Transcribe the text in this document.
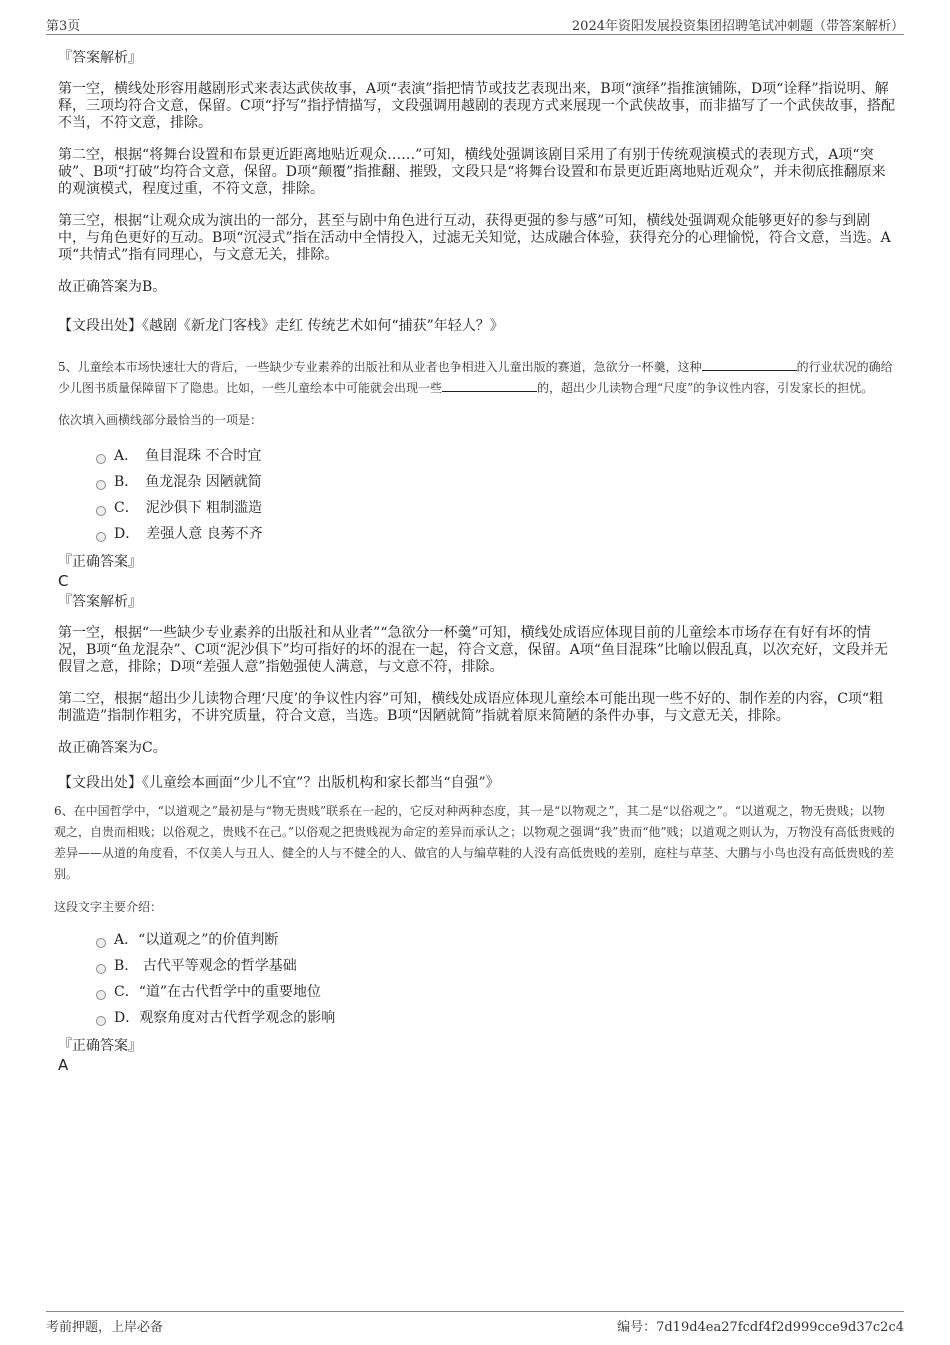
第3页	2024年资阳发展投资集团招聘笔试冲刺题（带答案解析）

『答案解析』

第一空，横线处形容用越剧形式来表达武侠故事，A项“表演”指把情节或技艺表现出来，B项“演绎”指推演铺陈，D项“诠释”指说明、解释，三项均符合文意，保留。C项“抒写”指抒情描写，文段强调用越剧的表现方式来展现一个武侠故事，而非描写了一个武侠故事，搭配不当，不符文意，排除。

第二空，根据“将舞台设置和布景更近距离地贴近观众……”可知，横线处强调该剧目采用了有别于传统观演模式的表现方式，A项“突破”、B项“打破”均符合文意，保留。D项“颠覆”指推翻、摧毁，文段只是“将舞台设置和布景更近距离地贴近观众”，并未彻底推翻原来的观演模式，程度过重，不符文意，排除。

第三空，根据“让观众成为演出的一部分，甚至与剧中角色进行互动，获得更强的参与感”可知，横线处强调观众能够更好的参与到剧中，与角色更好的互动。B项“沉浸式”指在活动中全情投入，过滤无关知觉，达成融合体验，获得充分的心理愉悦，符合文意，当选。A项“共情式”指有同理心，与文意无关，排除。

故正确答案为B。

【文段出处】《越剧《新龙门客栈》走红 传统艺术如何“捕获”年轻人？》

5、儿童绘本市场快速壮大的背后，一些缺少专业素养的出版社和从业者也争相进入儿童出版的赛道，急欲分一杯羹，这种	的行业状况的确给少儿图书质量保障留下了隐患。比如，一些儿童绘本中可能就会出现一些	的，超出少儿读物合理“尺度”的争议性内容，引发家长的担忧。

依次填入画横线部分最恰当的一项是：

A．　鱼目混珠 不合时宜
B．　鱼龙混杂 因陋就简
C．　泥沙俱下 粗制滥造
D．　差强人意 良莠不齐

『正确答案』

C

『答案解析』

第一空，根据“一些缺少专业素养的出版社和从业者”“急欲分一杯羹”可知，横线处成语应体现目前的儿童绘本市场存在有好有坏的情况，B项“鱼龙混杂”、C项“泥沙俱下”均可指好的坏的混在一起，符合文意，保留。A项“鱼目混珠”比喻以假乱真，以次充好，文段并无假冒之意，排除；D项“差强人意”指勉强使人满意，与文意不符，排除。

第二空，根据“超出少儿读物合理‘尺度’的争议性内容”可知，横线处成语应体现儿童绘本可能出现一些不好的、制作差的内容，C项“粗制滥造”指制作粗劣，不讲究质量，符合文意，当选。B项“因陋就简”指就着原来简陋的条件办事，与文意无关，排除。

故正确答案为C。

【文段出处】《儿童绘本画面“少儿不宜”？出版机构和家长都当“自强”》

6、在中国哲学中，“以道观之”最初是与“物无贵贱”联系在一起的，它反对种两种态度，其一是“以物观之”，其二是“以俗观之”。“以道观之，物无贵贱；以物观之，自贵而相贱；以俗观之，贵贱不在己。”以俗观之把贵贱视为命定的差异而承认之；以物观之强调“我”贵而“他”贱；以道观之则认为，万物没有高低贵贱的差异——从道的角度看，不仅美人与丑人、健全的人与不健全的人、做官的人与编草鞋的人没有高低贵贱的差别，庭柱与草茎、大鹏与小鸟也没有高低贵贱的差别。

这段文字主要介绍：

A．“以道观之”的价值判断
B.　古代平等观念的哲学基础
C．“道”在古代哲学中的重要地位
D．观察角度对古代哲学观念的影响

『正确答案』

A

考前押题，上岸必备	编号：7d19d4ea27fcdf4f2d999cce9d37c2c4
